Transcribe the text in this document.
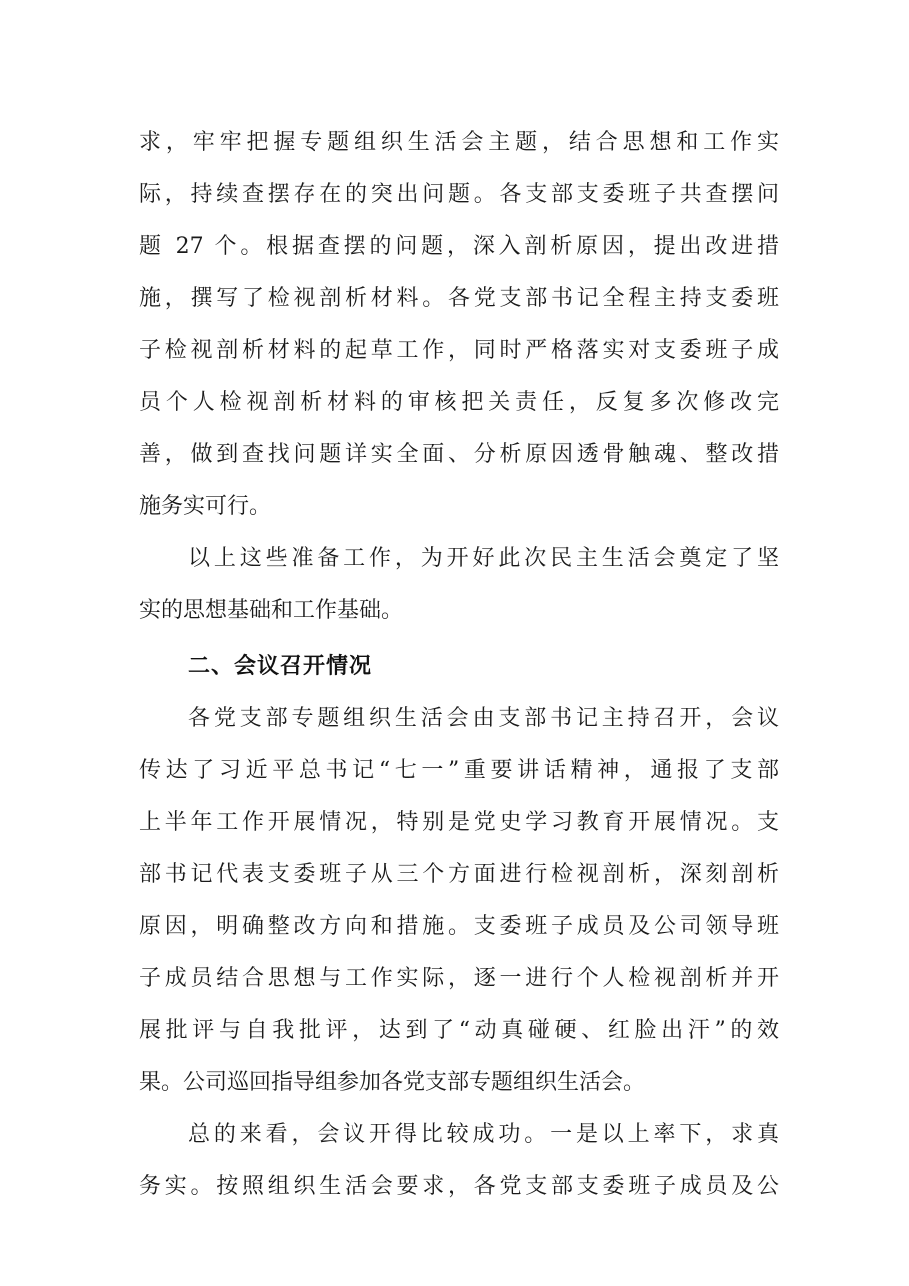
求，牢牢把握专题组织生活会主题，结合思想和工作实
际，持续查摆存在的突出问题。各支部支委班子共查摆问
题 27 个。根据查摆的问题，深入剖析原因，提出改进措
施，撰写了检视剖析材料。各党支部书记全程主持支委班
子检视剖析材料的起草工作，同时严格落实对支委班子成
员个人检视剖析材料的审核把关责任，反复多次修改完
善，做到查找问题详实全面、分析原因透骨触魂、整改措
施务实可行。
以上这些准备工作，为开好此次民主生活会奠定了坚
实的思想基础和工作基础。
二、会议召开情况
各党支部专题组织生活会由支部书记主持召开，会议
传达了习近平总书记“七一”重要讲话精神，通报了支部
上半年工作开展情况，特别是党史学习教育开展情况。支
部书记代表支委班子从三个方面进行检视剖析，深刻剖析
原因，明确整改方向和措施。支委班子成员及公司领导班
子成员结合思想与工作实际，逐一进行个人检视剖析并开
展批评与自我批评，达到了“动真碰硬、红脸出汗”的效
果。公司巡回指导组参加各党支部专题组织生活会。
总的来看，会议开得比较成功。一是以上率下，求真
务实。按照组织生活会要求，各党支部支委班子成员及公
